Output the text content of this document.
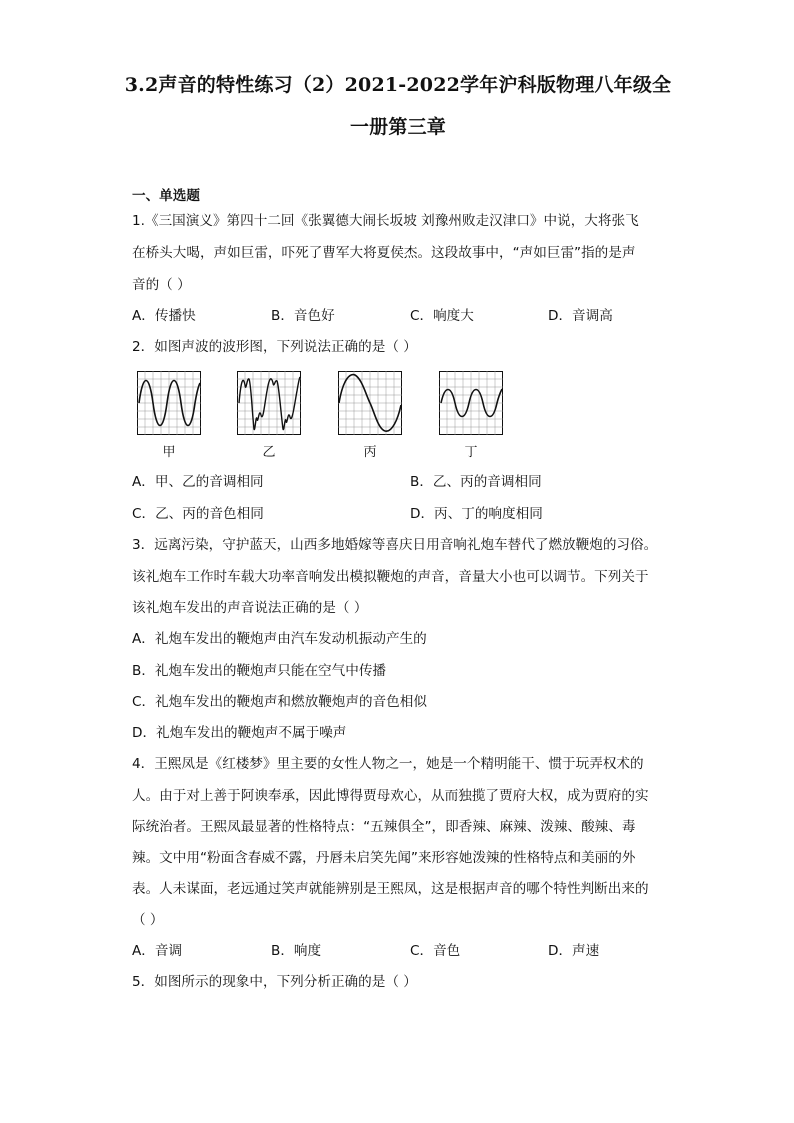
3.2声音的特性练习（2）2021-2022学年沪科版物理八年级全
一册第三章
一、单选题
1.《三国演义》第四十二回《张翼德大闹长坂坡 刘豫州败走汉津口》中说，大将张飞
在桥头大喝，声如巨雷，吓死了曹军大将夏侯杰。这段故事中，“声如巨雷”指的是声
音的（ ）
A．传播快	B．音色好	C．响度大	D．音调高
2．如图声波的波形图，下列说法正确的是（ ）
甲	乙	丙	丁
A．甲、乙的音调相同	B．乙、丙的音调相同
C．乙、丙的音色相同	D．丙、丁的响度相同
3．远离污染，守护蓝天，山西多地婚嫁等喜庆日用音响礼炮车替代了燃放鞭炮的习俗。
该礼炮车工作时车载大功率音响发出模拟鞭炮的声音，音量大小也可以调节。下列关于
该礼炮车发出的声音说法正确的是（ ）
A．礼炮车发出的鞭炮声由汽车发动机振动产生的
B．礼炮车发出的鞭炮声只能在空气中传播
C．礼炮车发出的鞭炮声和燃放鞭炮声的音色相似
D．礼炮车发出的鞭炮声不属于噪声
4．王熙凤是《红楼梦》里主要的女性人物之一，她是一个精明能干、惯于玩弄权术的
人。由于对上善于阿谀奉承，因此博得贾母欢心，从而独揽了贾府大权，成为贾府的实
际统治者。王熙凤最显著的性格特点：“五辣俱全”，即香辣、麻辣、泼辣、酸辣、毒
辣。文中用“粉面含春威不露，丹唇未启笑先闻”来形容她泼辣的性格特点和美丽的外
表。人未谋面，老远通过笑声就能辨别是王熙凤，这是根据声音的哪个特性判断出来的
（ ）
A．音调	B．响度	C．音色	D．声速
5．如图所示的现象中，下列分析正确的是（ ）
